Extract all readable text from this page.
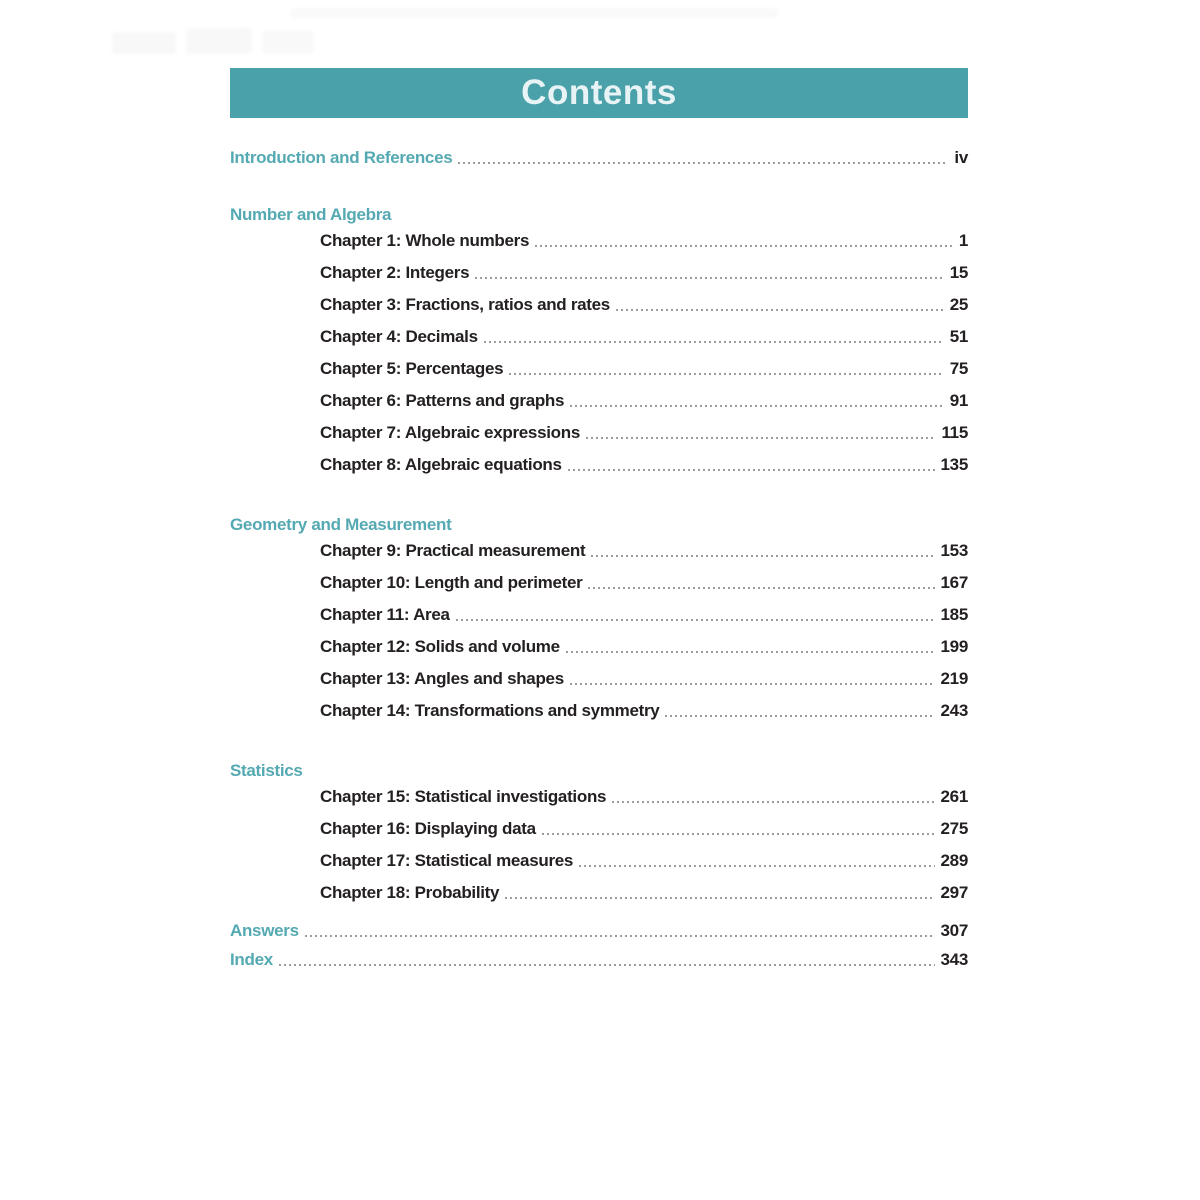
Contents
Introduction and References	iv
Number and Algebra
Chapter 1: Whole numbers	1
Chapter 2: Integers	15
Chapter 3: Fractions, ratios and rates	25
Chapter 4: Decimals	51
Chapter 5: Percentages	75
Chapter 6: Patterns and graphs	91
Chapter 7: Algebraic expressions	115
Chapter 8: Algebraic equations	135
Geometry and Measurement
Chapter 9: Practical measurement	153
Chapter 10: Length and perimeter	167
Chapter 11: Area	185
Chapter 12: Solids and volume	199
Chapter 13: Angles and shapes	219
Chapter 14: Transformations and symmetry	243
Statistics
Chapter 15: Statistical investigations	261
Chapter 16: Displaying data	275
Chapter 17: Statistical measures	289
Chapter 18: Probability	297
Answers	307
Index	343
